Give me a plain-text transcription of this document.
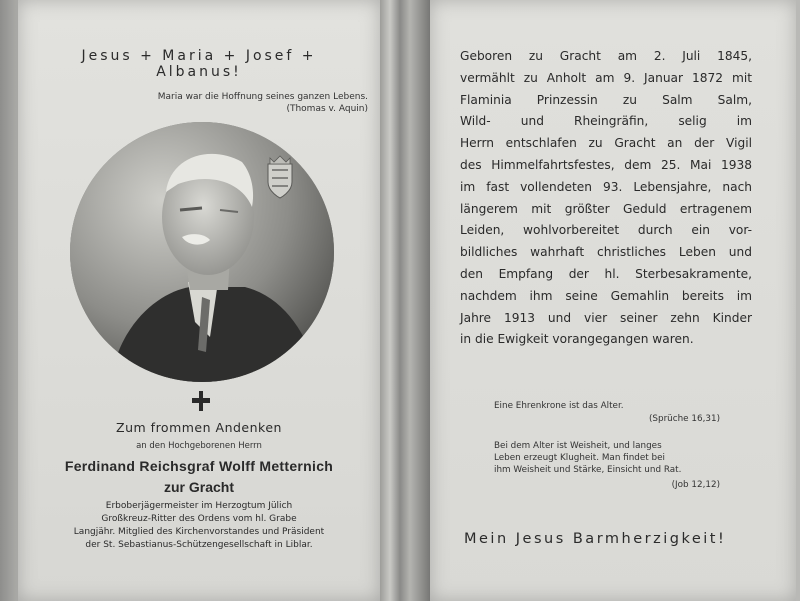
Jesus + Maria + Josef +
Albanus!
Maria war die Hoffnung seines ganzen Lebens.
(Thomas v. Aquin)
Zum frommen Andenken
an den Hochgeborenen Herrn
Ferdinand Reichsgraf Wolff Metternich
zur Gracht
Erboberjägermeister im Herzogtum Jülich
Großkreuz-Ritter des Ordens vom hl. Grabe
Langjähr. Mitglied des Kirchenvorstandes und Präsident
der St. Sebastianus-Schützengesellschaft in Liblar.
Geboren zu Gracht am 2. Juli 1845,
vermählt zu Anholt am 9. Januar 1872 mit
Flaminia Prinzessin zu Salm Salm,
Wild- und Rheingräfin, selig im
Herrn entschlafen zu Gracht an der Vigil
des Himmelfahrtsfestes, dem 25. Mai 1938
im fast vollendeten 93. Lebensjahre, nach
längerem mit größter Geduld ertragenem
Leiden, wohlvorbereitet durch ein vor-
bildliches wahrhaft christliches Leben und
den Empfang der hl. Sterbesakramente,
nachdem ihm seine Gemahlin bereits im
Jahre 1913 und vier seiner zehn Kinder
in die Ewigkeit vorangegangen waren.
Eine Ehrenkrone ist das Alter.
(Sprüche 16,31)
Bei dem Alter ist Weisheit, und langes
Leben erzeugt Klugheit. Man findet bei
ihm Weisheit und Stärke, Einsicht und Rat.
(Job 12,12)
Mein Jesus Barmherzigkeit!
